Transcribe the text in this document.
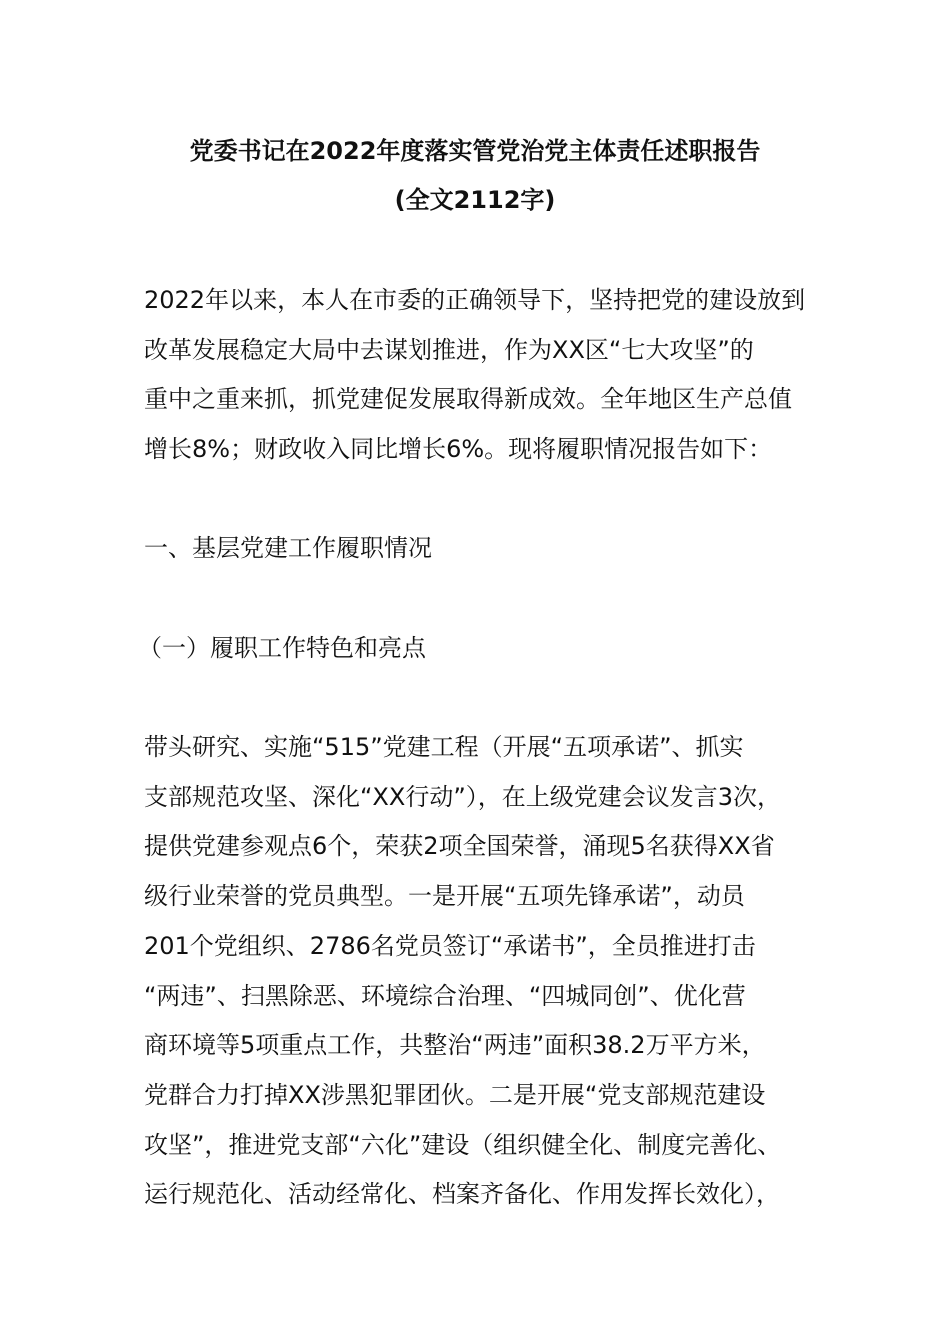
党委书记在2022年度落实管党治党主体责任述职报告
(全文2112字)
2022年以来，本人在市委的正确领导下，坚持把党的建设放到
改革发展稳定大局中去谋划推进，作为XX区“七大攻坚”的
重中之重来抓，抓党建促发展取得新成效。全年地区生产总值
增长8%；财政收入同比增长6%。现将履职情况报告如下：
一、基层党建工作履职情况
（一）履职工作特色和亮点
带头研究、实施“515”党建工程（开展“五项承诺”、抓实
支部规范攻坚、深化“XX行动”），在上级党建会议发言3次，
提供党建参观点6个，荣获2项全国荣誉，涌现5名获得XX省
级行业荣誉的党员典型。一是开展“五项先锋承诺”，动员
201个党组织、2786名党员签订“承诺书”，全员推进打击
“两违”、扫黑除恶、环境综合治理、“四城同创”、优化营
商环境等5项重点工作，共整治“两违”面积38.2万平方米，
党群合力打掉XX涉黑犯罪团伙。二是开展“党支部规范建设
攻坚”，推进党支部“六化”建设（组织健全化、制度完善化、
运行规范化、活动经常化、档案齐备化、作用发挥长效化），
